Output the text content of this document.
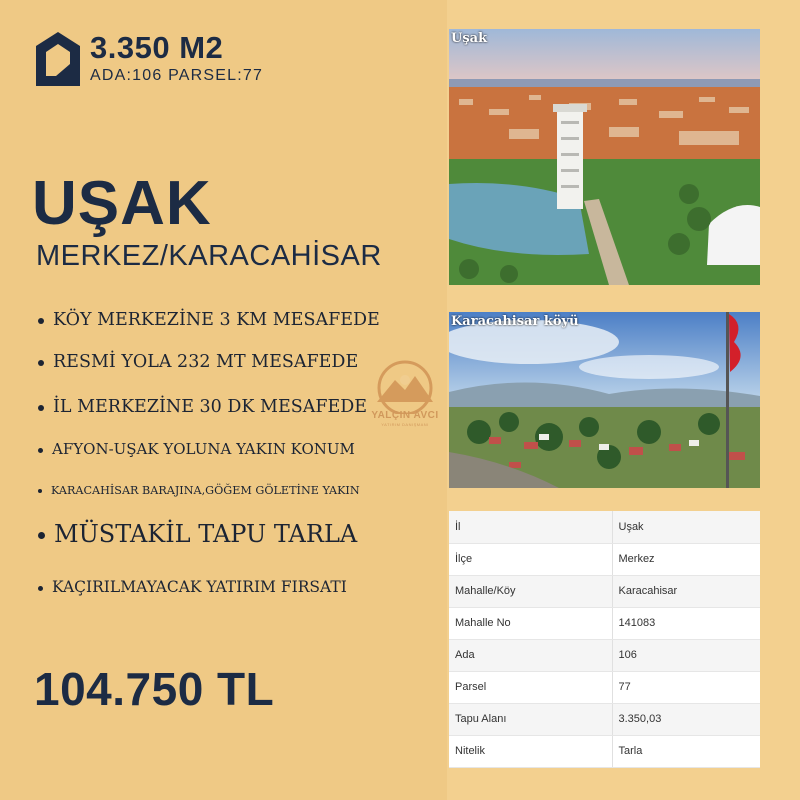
3.350 M2
ADA:106 PARSEL:77
UŞAK
MERKEZ/KARACAHİSAR
KÖY MERKEZİNE 3 KM MESAFEDE
RESMİ YOLA 232 MT MESAFEDE
İL MERKEZİNE 30 DK MESAFEDE
AFYON-UŞAK YOLUNA YAKIN KONUM
KARACAHİSAR BARAJINA,GÖĞEM GÖLETİNE YAKIN
MÜSTAKİL TAPU TARLA
KAÇIRILMAYACAK YATIRIM FIRSATI
104.750 TL
Uşak
Karacahisar köyü
YALÇIN AVCI
YATIRIM DANIŞMANI
İl	Uşak
İlçe	Merkez
Mahalle/Köy	Karacahisar
Mahalle No	141083
Ada	106
Parsel	77
Tapu Alanı	3.350,03
Nitelik	Tarla
